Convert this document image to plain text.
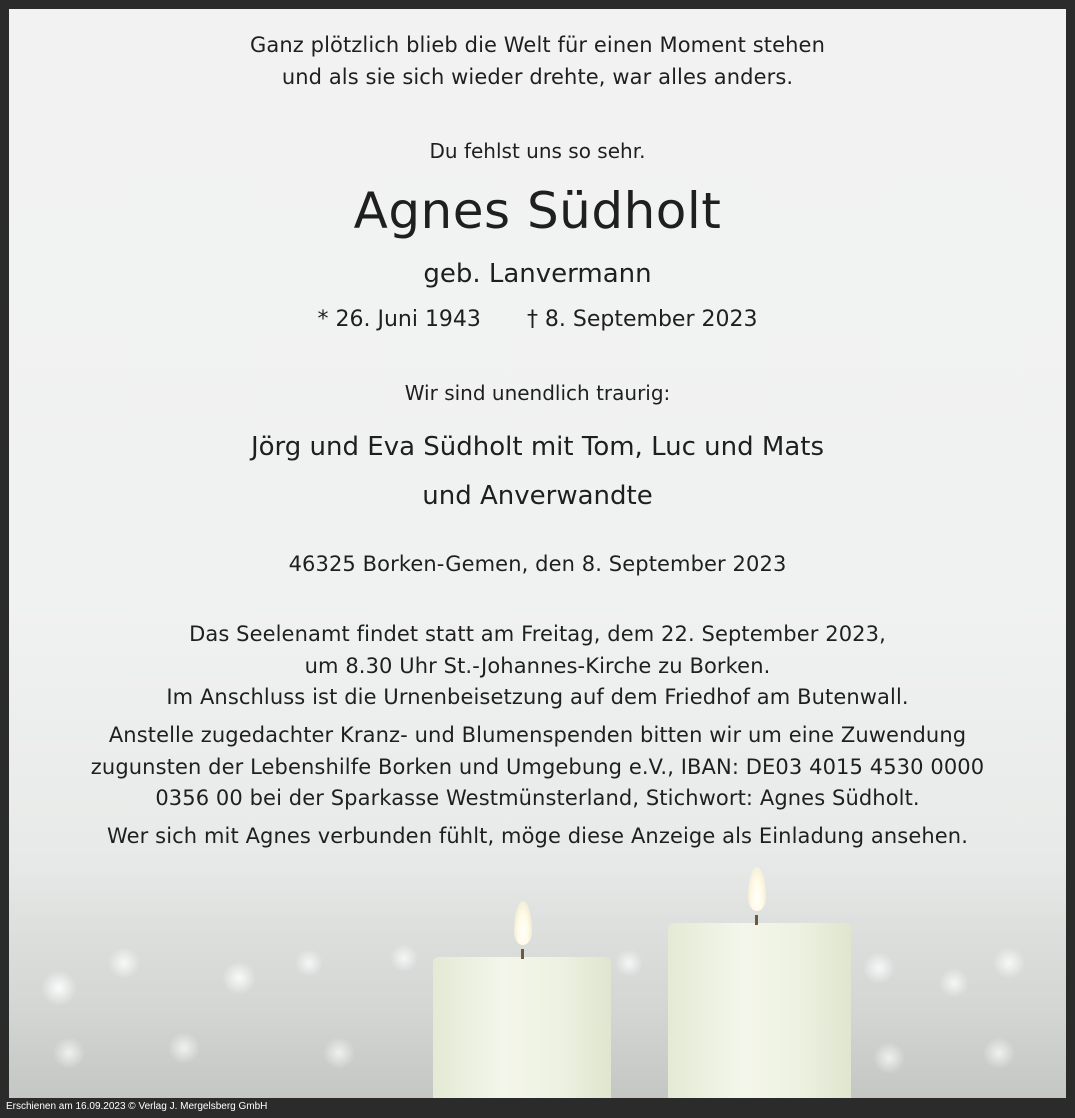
Ganz plötzlich blieb die Welt für einen Moment stehen
und als sie sich wieder drehte, war alles anders.
Du fehlst uns so sehr.
Agnes Südholt
geb. Lanvermann
* 26. Juni 1943 † 8. September 2023
Wir sind unendlich traurig:
Jörg und Eva Südholt mit Tom, Luc und Mats
und Anverwandte
46325 Borken-Gemen, den 8. September 2023
Das Seelenamt findet statt am Freitag, dem 22. September 2023,
um 8.30 Uhr St.-Johannes-Kirche zu Borken.
Im Anschluss ist die Urnenbeisetzung auf dem Friedhof am Butenwall.
Anstelle zugedachter Kranz- und Blumenspenden bitten wir um eine Zuwendung
zugunsten der Lebenshilfe Borken und Umgebung e.V., IBAN: DE03 4015 4530 0000
0356 00 bei der Sparkasse Westmünsterland, Stichwort: Agnes Südholt.
Wer sich mit Agnes verbunden fühlt, möge diese Anzeige als Einladung ansehen.
Erschienen am 16.09.2023 © Verlag J. Mergelsberg GmbH
